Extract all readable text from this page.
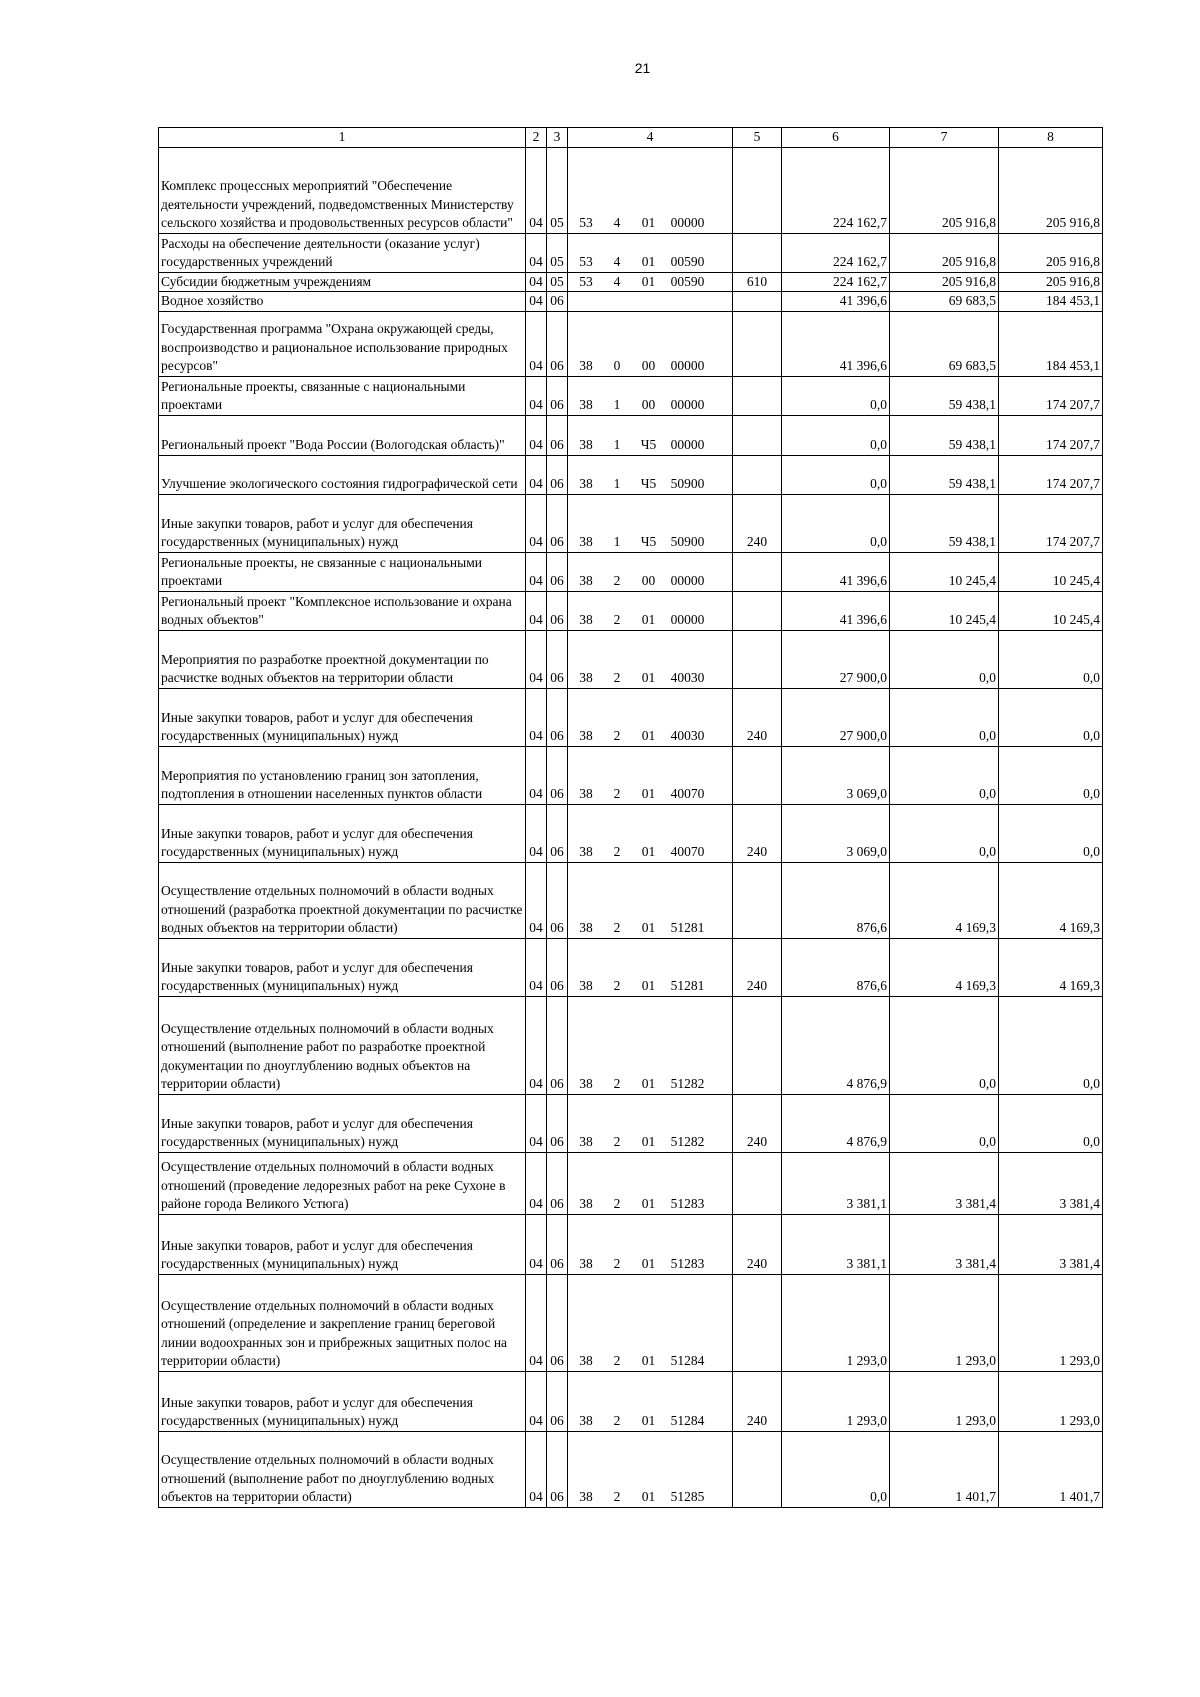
21
1	2	3	4	5	6	7	8
Комплекс процессных мероприятий "Обеспечение деятельности учреждений, подведомственных Министерству сельского хозяйства и продовольственных ресурсов области"	04	05	53 4 01 00000		224 162,7	205 916,8	205 916,8
Расходы на обеспечение деятельности (оказание услуг) государственных учреждений	04	05	53 4 01 00590		224 162,7	205 916,8	205 916,8
Субсидии бюджетным учреждениям	04	05	53 4 01 00590	610	224 162,7	205 916,8	205 916,8
Водное хозяйство	04	06			41 396,6	69 683,5	184 453,1
Государственная программа "Охрана окружающей среды, воспроизводство и рациональное использование природных ресурсов"	04	06	38 0 00 00000		41 396,6	69 683,5	184 453,1
Региональные проекты, связанные с национальными проектами	04	06	38 1 00 00000		0,0	59 438,1	174 207,7
Региональный проект "Вода России (Вологодская область)"	04	06	38 1 Ч5 00000		0,0	59 438,1	174 207,7
Улучшение экологического состояния гидрографической сети	04	06	38 1 Ч5 50900		0,0	59 438,1	174 207,7
Иные закупки товаров, работ и услуг для обеспечения государственных (муниципальных) нужд	04	06	38 1 Ч5 50900	240	0,0	59 438,1	174 207,7
Региональные проекты, не связанные с национальными проектами	04	06	38 2 00 00000		41 396,6	10 245,4	10 245,4
Региональный проект "Комплексное использование и охрана водных объектов"	04	06	38 2 01 00000		41 396,6	10 245,4	10 245,4
Мероприятия по разработке проектной документации по расчистке водных объектов на территории области	04	06	38 2 01 40030		27 900,0	0,0	0,0
Иные закупки товаров, работ и услуг для обеспечения государственных (муниципальных) нужд	04	06	38 2 01 40030	240	27 900,0	0,0	0,0
Мероприятия по установлению границ зон затопления, подтопления в отношении населенных пунктов области	04	06	38 2 01 40070		3 069,0	0,0	0,0
Иные закупки товаров, работ и услуг для обеспечения государственных (муниципальных) нужд	04	06	38 2 01 40070	240	3 069,0	0,0	0,0
Осуществление отдельных полномочий в области водных отношений (разработка проектной документации по расчистке водных объектов на территории области)	04	06	38 2 01 51281		876,6	4 169,3	4 169,3
Иные закупки товаров, работ и услуг для обеспечения государственных (муниципальных) нужд	04	06	38 2 01 51281	240	876,6	4 169,3	4 169,3
Осуществление отдельных полномочий в области водных отношений (выполнение работ по разработке проектной документации по дноуглублению водных объектов на территории области)	04	06	38 2 01 51282		4 876,9	0,0	0,0
Иные закупки товаров, работ и услуг для обеспечения государственных (муниципальных) нужд	04	06	38 2 01 51282	240	4 876,9	0,0	0,0
Осуществление отдельных полномочий в области водных отношений (проведение ледорезных работ на реке Сухоне в районе города Великого Устюга)	04	06	38 2 01 51283		3 381,1	3 381,4	3 381,4
Иные закупки товаров, работ и услуг для обеспечения государственных (муниципальных) нужд	04	06	38 2 01 51283	240	3 381,1	3 381,4	3 381,4
Осуществление отдельных полномочий в области водных отношений (определение и закрепление границ береговой линии водоохранных зон и прибрежных защитных полос на территории области)	04	06	38 2 01 51284		1 293,0	1 293,0	1 293,0
Иные закупки товаров, работ и услуг для обеспечения государственных (муниципальных) нужд	04	06	38 2 01 51284	240	1 293,0	1 293,0	1 293,0
Осуществление отдельных полномочий в области водных отношений (выполнение работ по дноуглублению водных объектов на территории области)	04	06	38 2 01 51285		0,0	1 401,7	1 401,7
